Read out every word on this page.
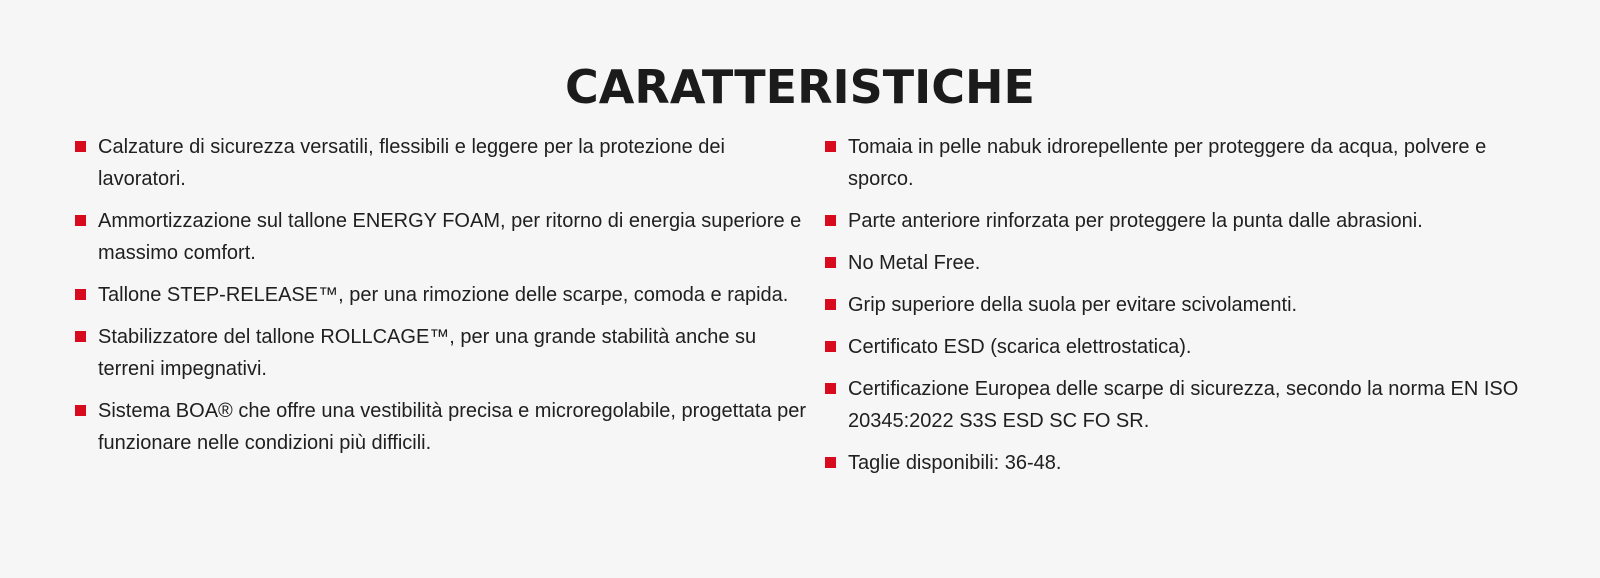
CARATTERISTICHE
Calzature di sicurezza versatili, flessibili e leggere per la protezione dei lavoratori.
Ammortizzazione sul tallone ENERGY FOAM, per ritorno di energia superiore e massimo comfort.
Tallone STEP-RELEASE™, per una rimozione delle scarpe, comoda e rapida.
Stabilizzatore del tallone ROLLCAGE™, per una grande stabilità anche su terreni impegnativi.
Sistema BOA® che offre una vestibilità precisa e microregolabile, progettata per funzionare nelle condizioni più difficili.
Tomaia in pelle nabuk idrorepellente per proteggere da acqua, polvere e sporco.
Parte anteriore rinforzata per proteggere la punta dalle abrasioni.
No Metal Free.
Grip superiore della suola per evitare scivolamenti.
Certificato ESD (scarica elettrostatica).
Certificazione Europea delle scarpe di sicurezza, secondo la norma EN ISO 20345:2022 S3S ESD SC FO SR.
Taglie disponibili: 36-48.
